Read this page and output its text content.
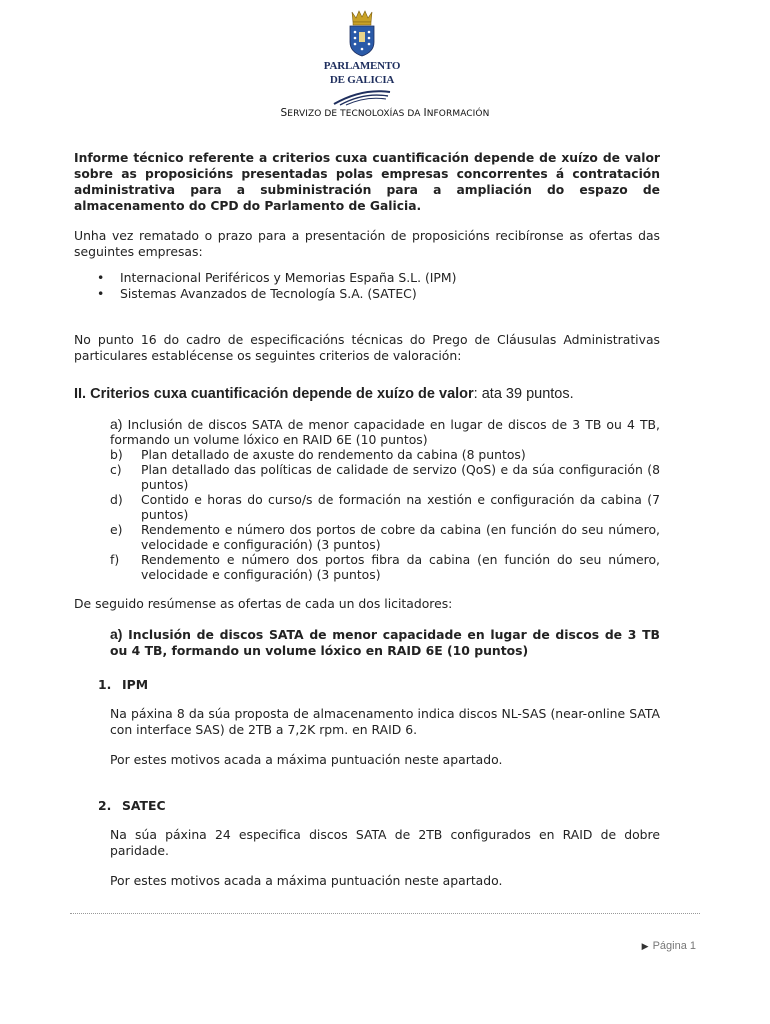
PARLAMENTO
DE GALICIA
SERVIZO DE TECNOLOXÍAS DA INFORMACIÓN

Informe técnico referente a criterios cuxa cuantificación depende de xuízo de valor sobre as proposicións presentadas polas empresas concorrentes á contratación administrativa para a subministración para a ampliación do espazo de almacenamento do CPD do Parlamento de Galicia.

Unha vez rematado o prazo para a presentación de proposicións recibíronse as ofertas das seguintes empresas:

• Internacional Periféricos y Memorias España S.L. (IPM)
• Sistemas Avanzados de Tecnología S.A. (SATEC)

No punto 16 do cadro de especificacións técnicas do Prego de Cláusulas Administrativas particulares establécense os seguintes criterios de valoración:

II. Criterios cuxa cuantificación depende de xuízo de valor: ata 39 puntos.

a) Inclusión de discos SATA de menor capacidade en lugar de discos de 3 TB ou 4 TB, formando un volume lóxico en RAID 6E (10 puntos)

b)	Plan detallado de axuste do rendemento da cabina (8 puntos)
c)	Plan detallado das políticas de calidade de servizo (QoS) e da súa configuración (8 puntos)
d)	Contido e horas do curso/s de formación na xestión e configuración da cabina (7 puntos)
e)	Rendemento e número dos portos de cobre da cabina (en función do seu número, velocidade e configuración) (3 puntos)
f)	Rendemento e número dos portos fibra da cabina (en función do seu número, velocidade e configuración) (3 puntos)

De seguido resúmense as ofertas de cada un dos licitadores:

a) Inclusión de discos SATA de menor capacidade en lugar de discos de 3 TB ou 4 TB, formando un volume lóxico en RAID 6E (10 puntos)

1. IPM

Na páxina 8 da súa proposta de almacenamento indica discos NL-SAS (near-online SATA con interface SAS) de 2TB a 7,2K rpm. en RAID 6.

Por estes motivos acada a máxima puntuación neste apartado.

2. SATEC

Na súa páxina 24 especifica discos SATA de 2TB configurados en RAID de dobre paridade.

Por estes motivos acada a máxima puntuación neste apartado.

▶ Página 1
